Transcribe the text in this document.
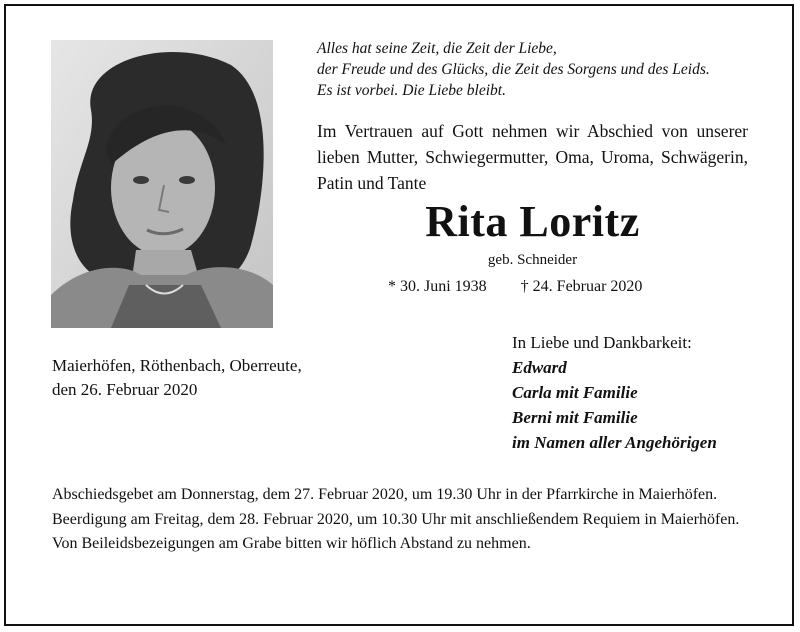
Alles hat seine Zeit, die Zeit der Liebe,
der Freude und des Glücks, die Zeit des Sorgens und des Leids.
Es ist vorbei. Die Liebe bleibt.
Im Vertrauen auf Gott nehmen wir Abschied von unserer lieben Mutter, Schwiegermutter, Oma, Uroma, Schwägerin, Patin und Tante
Rita Loritz
geb. Schneider
* 30. Juni 1938 † 24. Februar 2020
In Liebe und Dankbarkeit:
Edward
Carla mit Familie
Berni mit Familie
im Namen aller Angehörigen
Maierhöfen, Röthenbach, Oberreute,
den 26. Februar 2020

Abschiedsgebet am Donnerstag, dem 27. Februar 2020, um 19.30 Uhr in der Pfarrkirche in Maierhöfen.

Beerdigung am Freitag, dem 28. Februar 2020, um 10.30 Uhr mit anschließendem Requiem in Maierhöfen.

Von Beileidsbezeigungen am Grabe bitten wir höflich Abstand zu nehmen.
